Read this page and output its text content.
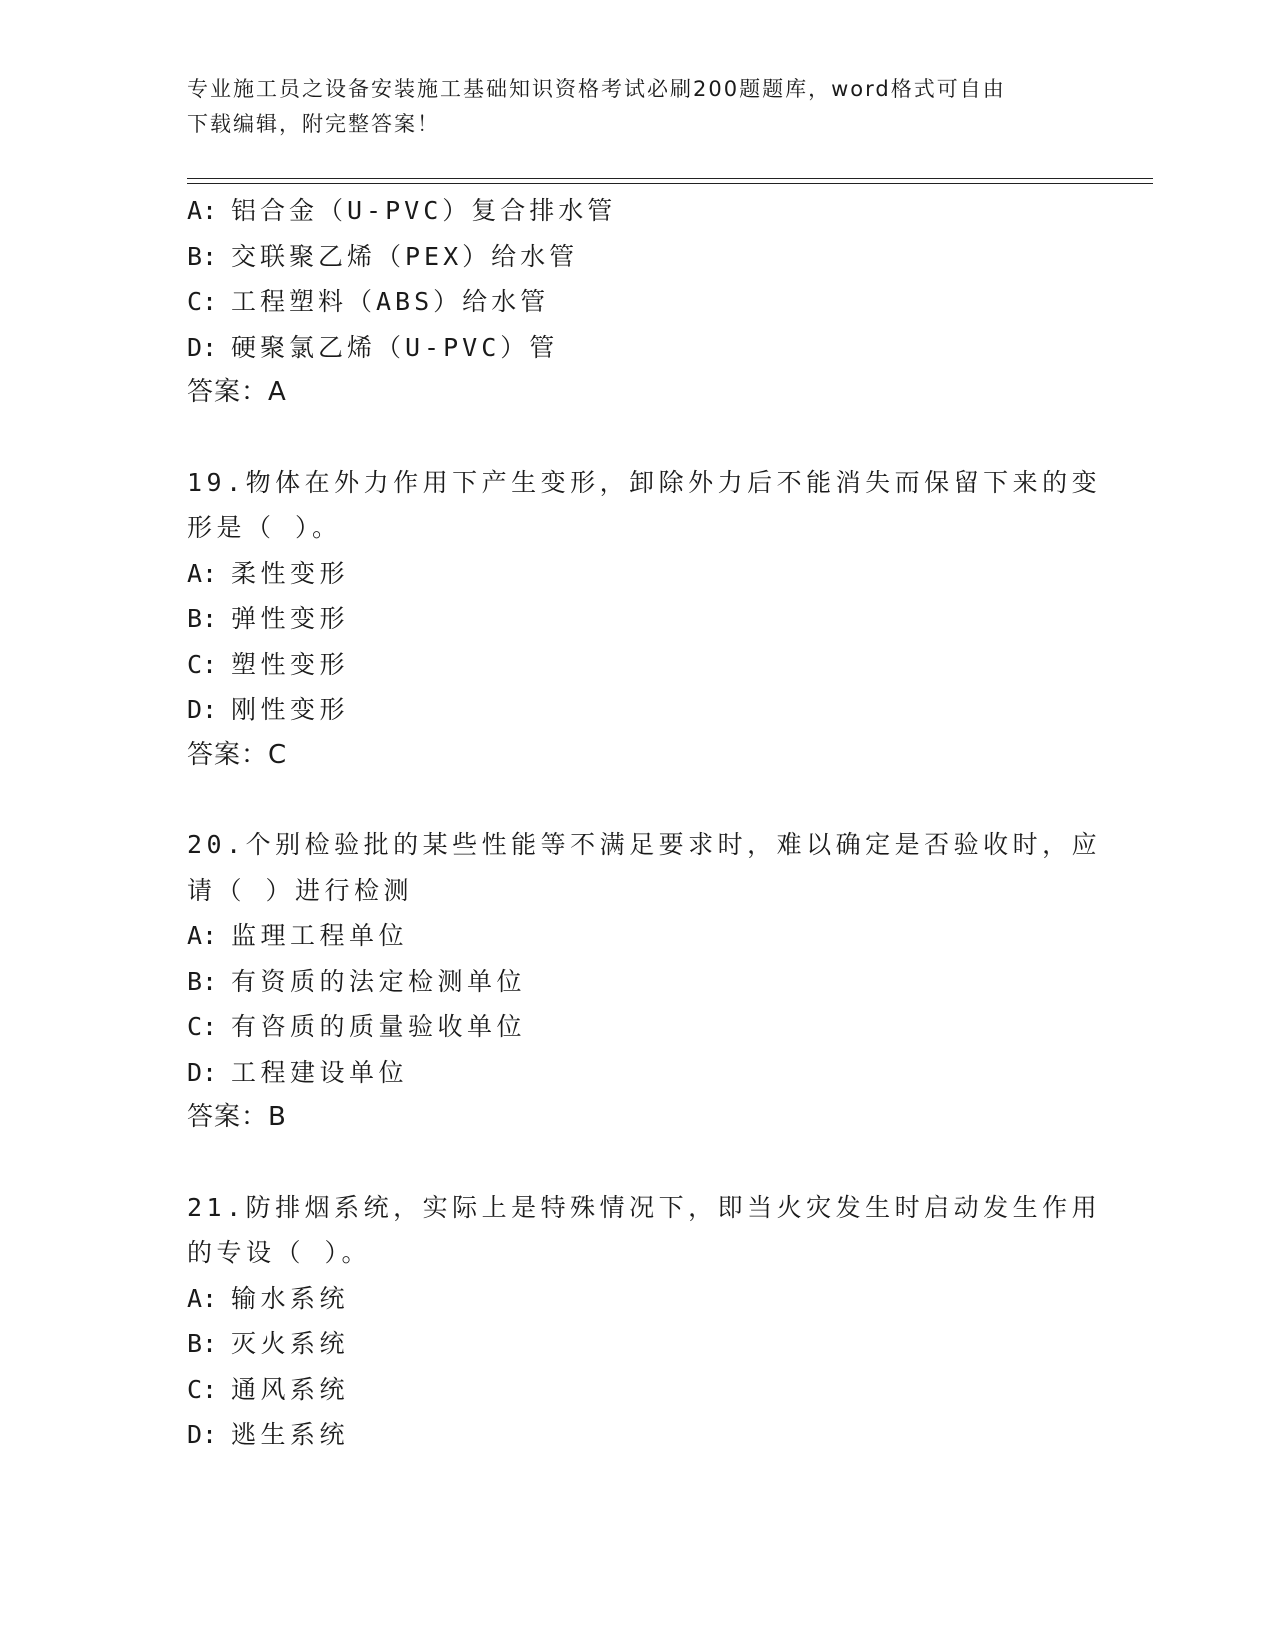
专业施工员之设备安装施工基础知识资格考试必刷200题题库，word格式可自由
下载编辑，附完整答案！
A: 铝合金（U-PVC）复合排水管
B: 交联聚乙烯（PEX）给水管
C: 工程塑料（ABS）给水管
D: 硬聚氯乙烯（U-PVC）管
答案：A
19.物体在外力作用下产生变形，卸除外力后不能消失而保留下来的变
形是（ ）。
A: 柔性变形
B: 弹性变形
C: 塑性变形
D: 刚性变形
答案：C
20.个别检验批的某些性能等不满足要求时，难以确定是否验收时，应
请（ ）进行检测
A: 监理工程单位
B: 有资质的法定检测单位
C: 有咨质的质量验收单位
D: 工程建设单位
答案：B
21.防排烟系统，实际上是特殊情况下，即当火灾发生时启动发生作用
的专设（ ）。
A: 输水系统
B: 灭火系统
C: 通风系统
D: 逃生系统
